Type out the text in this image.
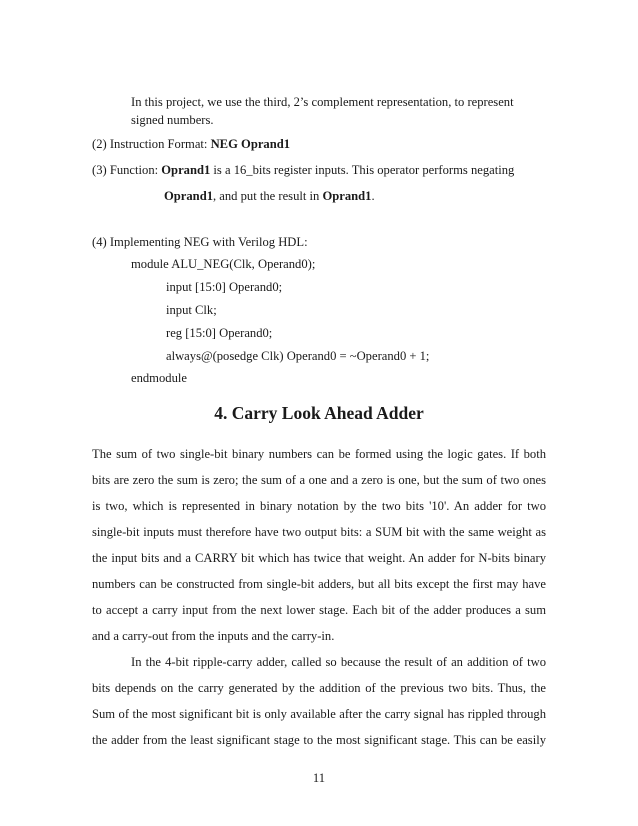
In this project, we use the third, 2’s complement representation, to represent
signed numbers.
(2) Instruction Format: NEG Oprand1
(3) Function: Oprand1 is a 16_bits register inputs. This operator performs negating
Oprand1, and put the result in Oprand1.
(4) Implementing NEG with Verilog HDL:
module ALU_NEG(Clk, Operand0);
input [15:0] Operand0;
input Clk;
reg [15:0] Operand0;
always@(posedge Clk) Operand0 = ~Operand0 + 1;
endmodule
4. Carry Look Ahead Adder
The sum of two single-bit binary numbers can be formed using the logic gates. If both
bits are zero the sum is zero; the sum of a one and a zero is one, but the sum of two ones
is two, which is represented in binary notation by the two bits '10'. An adder for two
single-bit inputs must therefore have two output bits: a SUM bit with the same weight as
the input bits and a CARRY bit which has twice that weight. An adder for N-bits binary
numbers can be constructed from single-bit adders, but all bits except the first may have
to accept a carry input from the next lower stage. Each bit of the adder produces a sum
and a carry-out from the inputs and the carry-in.
In the 4-bit ripple-carry adder, called so because the result of an addition of two
bits depends on the carry generated by the addition of the previous two bits. Thus, the
Sum of the most significant bit is only available after the carry signal has rippled through
the adder from the least significant stage to the most significant stage. This can be easily
11
